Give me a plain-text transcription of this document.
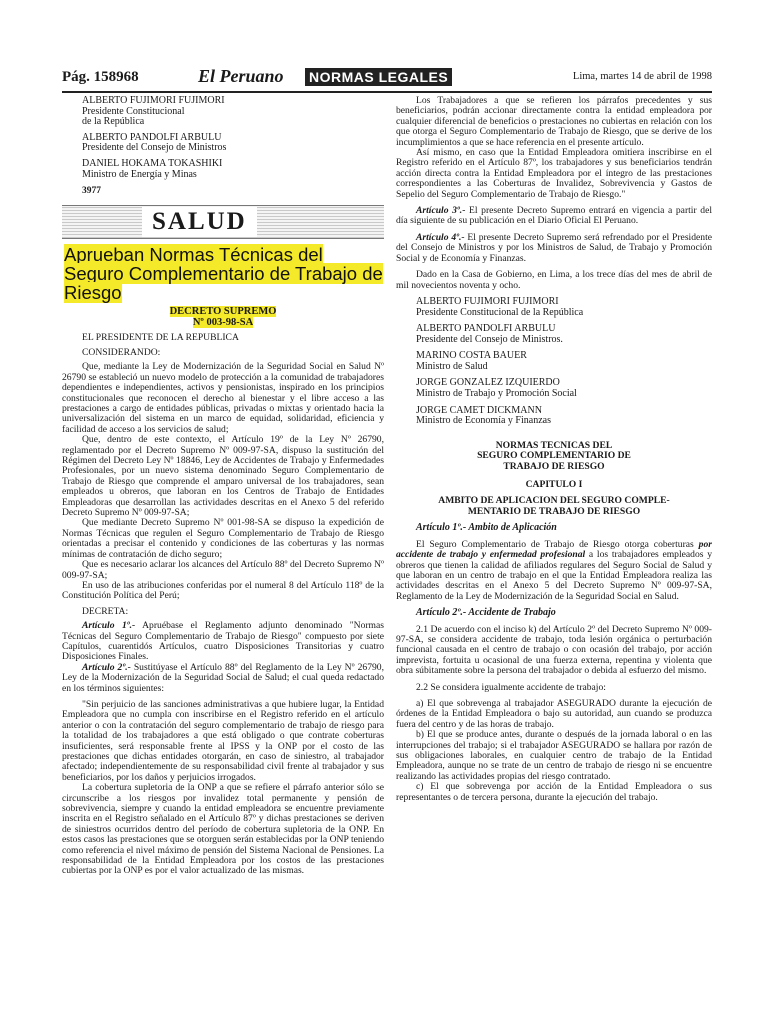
Pág. 158968	El Peruano NORMAS LEGALES	Lima, martes 14 de abril de 1998
ALBERTO FUJIMORI FUJIMORI
Presidente Constitucional
de la República
ALBERTO PANDOLFI ARBULU
Presidente del Consejo de Ministros
DANIEL HOKAMA TOKASHIKI
Ministro de Energía y Minas
3977
SALUD
Aprueban Normas Técnicas del Seguro Complementario de Trabajo de Riesgo
DECRETO SUPREMO
Nº 003-98-SA

EL PRESIDENTE DE LA REPUBLICA

CONSIDERANDO:

Que, mediante la Ley de Modernización de la Seguridad Social en Salud Nº 26790 se estableció un nuevo modelo de protección a la comunidad de trabajadores dependientes e independientes, activos y pensionistas, inspirado en los principios constitucionales que reconocen el derecho al bienestar y el libre acceso a las prestaciones a cargo de entidades públicas, privadas o mixtas y orientado hacia la universalización del sistema en un marco de equidad, solidaridad, eficiencia y facilidad de acceso a los servicios de salud;

Que, dentro de este contexto, el Artículo 19º de la Ley Nº 26790, reglamentado por el Decreto Supremo Nº 009-97-SA, dispuso la sustitución del Régimen del Decreto Ley Nº 18846, Ley de Accidentes de Trabajo y Enfermedades Profesionales, por un nuevo sistema denominado Seguro Complementario de Trabajo de Riesgo que comprende el amparo universal de los trabajadores, sean empleados u obreros, que laboran en los Centros de Trabajo de Entidades Empleadoras que desarrollan las actividades descritas en el Anexo 5 del referido Decreto Supremo Nº 009-97-SA;

Que mediante Decreto Supremo Nº 001-98-SA se dispuso la expedición de Normas Técnicas que regulen el Seguro Complementario de Trabajo de Riesgo orientadas a precisar el contenido y condiciones de las coberturas y las normas mínimas de contratación de dicho seguro;

Que es necesario aclarar los alcances del Artículo 88º del Decreto Supremo Nº 009-97-SA;

En uso de las atribuciones conferidas por el numeral 8 del Artículo 118º de la Constitución Política del Perú;

DECRETA:

Artículo 1º.- Apruébase el Reglamento adjunto denominado "Normas Técnicas del Seguro Complementario de Trabajo de Riesgo" compuesto por siete Capítulos, cuarentidós Artículos, cuatro Disposiciones Transitorias y cuatro Disposiciones Finales.

Artículo 2º.- Sustitúyase el Artículo 88º del Reglamento de la Ley Nº 26790, Ley de la Modernización de la Seguridad Social de Salud; el cual queda redactado en los términos siguientes:

"Sin perjuicio de las sanciones administrativas a que hubiere lugar, la Entidad Empleadora que no cumpla con inscribirse en el Registro referido en el artículo anterior o con la contratación del seguro complementario de trabajo de riesgo para la totalidad de los trabajadores a que está obligado o que contrate coberturas insuficientes, será responsable frente al IPSS y la ONP por el costo de las prestaciones que dichas entidades otorgarán, en caso de siniestro, al trabajador afectado; independientemente de su responsabilidad civil frente al trabajador y sus beneficiarios, por los daños y perjuicios irrogados.

La cobertura supletoria de la ONP a que se refiere el párrafo anterior sólo se circunscribe a los riesgos por invalidez total permanente y pensión de sobrevivencia, siempre y cuando la entidad empleadora se encuentre previamente inscrita en el Registro señalado en el Artículo 87º y dichas prestaciones se deriven de siniestros ocurridos dentro del período de cobertura supletoria de la ONP. En estos casos las prestaciones que se otorguen serán establecidas por la ONP teniendo como referencia el nivel máximo de pensión del Sistema Nacional de Pensiones. La responsabilidad de la Entidad Empleadora por los costos de las prestaciones cubiertas por la ONP es por el valor actualizado de las mismas.

Los Trabajadores a que se refieren los párrafos precedentes y sus beneficiarios, podrán accionar directamente contra la entidad empleadora por cualquier diferencial de beneficios o prestaciones no cubiertas en relación con los que otorga el Seguro Complementario de Trabajo de Riesgo, que se derive de los incumplimientos a que se hace referencia en el presente artículo.

Así mismo, en caso que la Entidad Empleadora omitiera inscribirse en el Registro referido en el Artículo 87º, los trabajadores y sus beneficiarios tendrán acción directa contra la Entidad Empleadora por el íntegro de las prestaciones correspondientes a las Coberturas de Invalidez, Sobrevivencia y Gastos de Sepelio del Seguro Complementario de Trabajo de Riesgo."

Artículo 3º.- El presente Decreto Supremo entrará en vigencia a partir del día siguiente de su publicación en el Diario Oficial El Peruano.

Artículo 4º.- El presente Decreto Supremo será refrendado por el Presidente del Consejo de Ministros y por los Ministros de Salud, de Trabajo y Promoción Social y de Economía y Finanzas.

Dado en la Casa de Gobierno, en Lima, a los trece días del mes de abril de mil novecientos noventa y ocho.

ALBERTO FUJIMORI FUJIMORI
Presidente Constitucional de la República
ALBERTO PANDOLFI ARBULU
Presidente del Consejo de Ministros.
MARINO COSTA BAUER
Ministro de Salud
JORGE GONZALEZ IZQUIERDO
Ministro de Trabajo y Promoción Social
JORGE CAMET DICKMANN
Ministro de Economía y Finanzas

NORMAS TECNICAS DEL

SEGURO COMPLEMENTARIO DE

TRABAJO DE RIESGO

CAPITULO I

AMBITO DE APLICACION DEL SEGURO COMPLE-

MENTARIO DE TRABAJO DE RIESGO

Artículo 1º.- Ambito de Aplicación

El Seguro Complementario de Trabajo de Riesgo otorga coberturas por accidente de trabajo y enfermedad profesional a los trabajadores empleados y obreros que tienen la calidad de afiliados regulares del Seguro Social de Salud y que laboran en un centro de trabajo en el que la Entidad Empleadora realiza las actividades descritas en el Anexo 5 del Decreto Supremo Nº 009-97-SA, Reglamento de la Ley de Modernización de la Seguridad Social en Salud.

Artículo 2º.- Accidente de Trabajo

2.1 De acuerdo con el inciso k) del Artículo 2º del Decreto Supremo Nº 009-97-SA, se considera accidente de trabajo, toda lesión orgánica o perturbación funcional causada en el centro de trabajo o con ocasión del trabajo, por acción imprevista, fortuita u ocasional de una fuerza externa, repentina y violenta que obra súbitamente sobre la persona del trabajador o debida al esfuerzo del mismo.

2.2 Se considera igualmente accidente de trabajo:

a) El que sobrevenga al trabajador ASEGURADO durante la ejecución de órdenes de la Entidad Empleadora o bajo su autoridad, aun cuando se produzca fuera del centro y de las horas de trabajo.

b) El que se produce antes, durante o después de la jornada laboral o en las interrupciones del trabajo; si el trabajador ASEGURADO se hallara por razón de sus obligaciones laborales, en cualquier centro de trabajo de la Entidad Empleadora, aunque no se trate de un centro de trabajo de riesgo ni se encuentre realizando las actividades propias del riesgo contratado.

c) El que sobrevenga por acción de la Entidad Empleadora o sus representantes o de tercera persona, durante la ejecución del trabajo.
